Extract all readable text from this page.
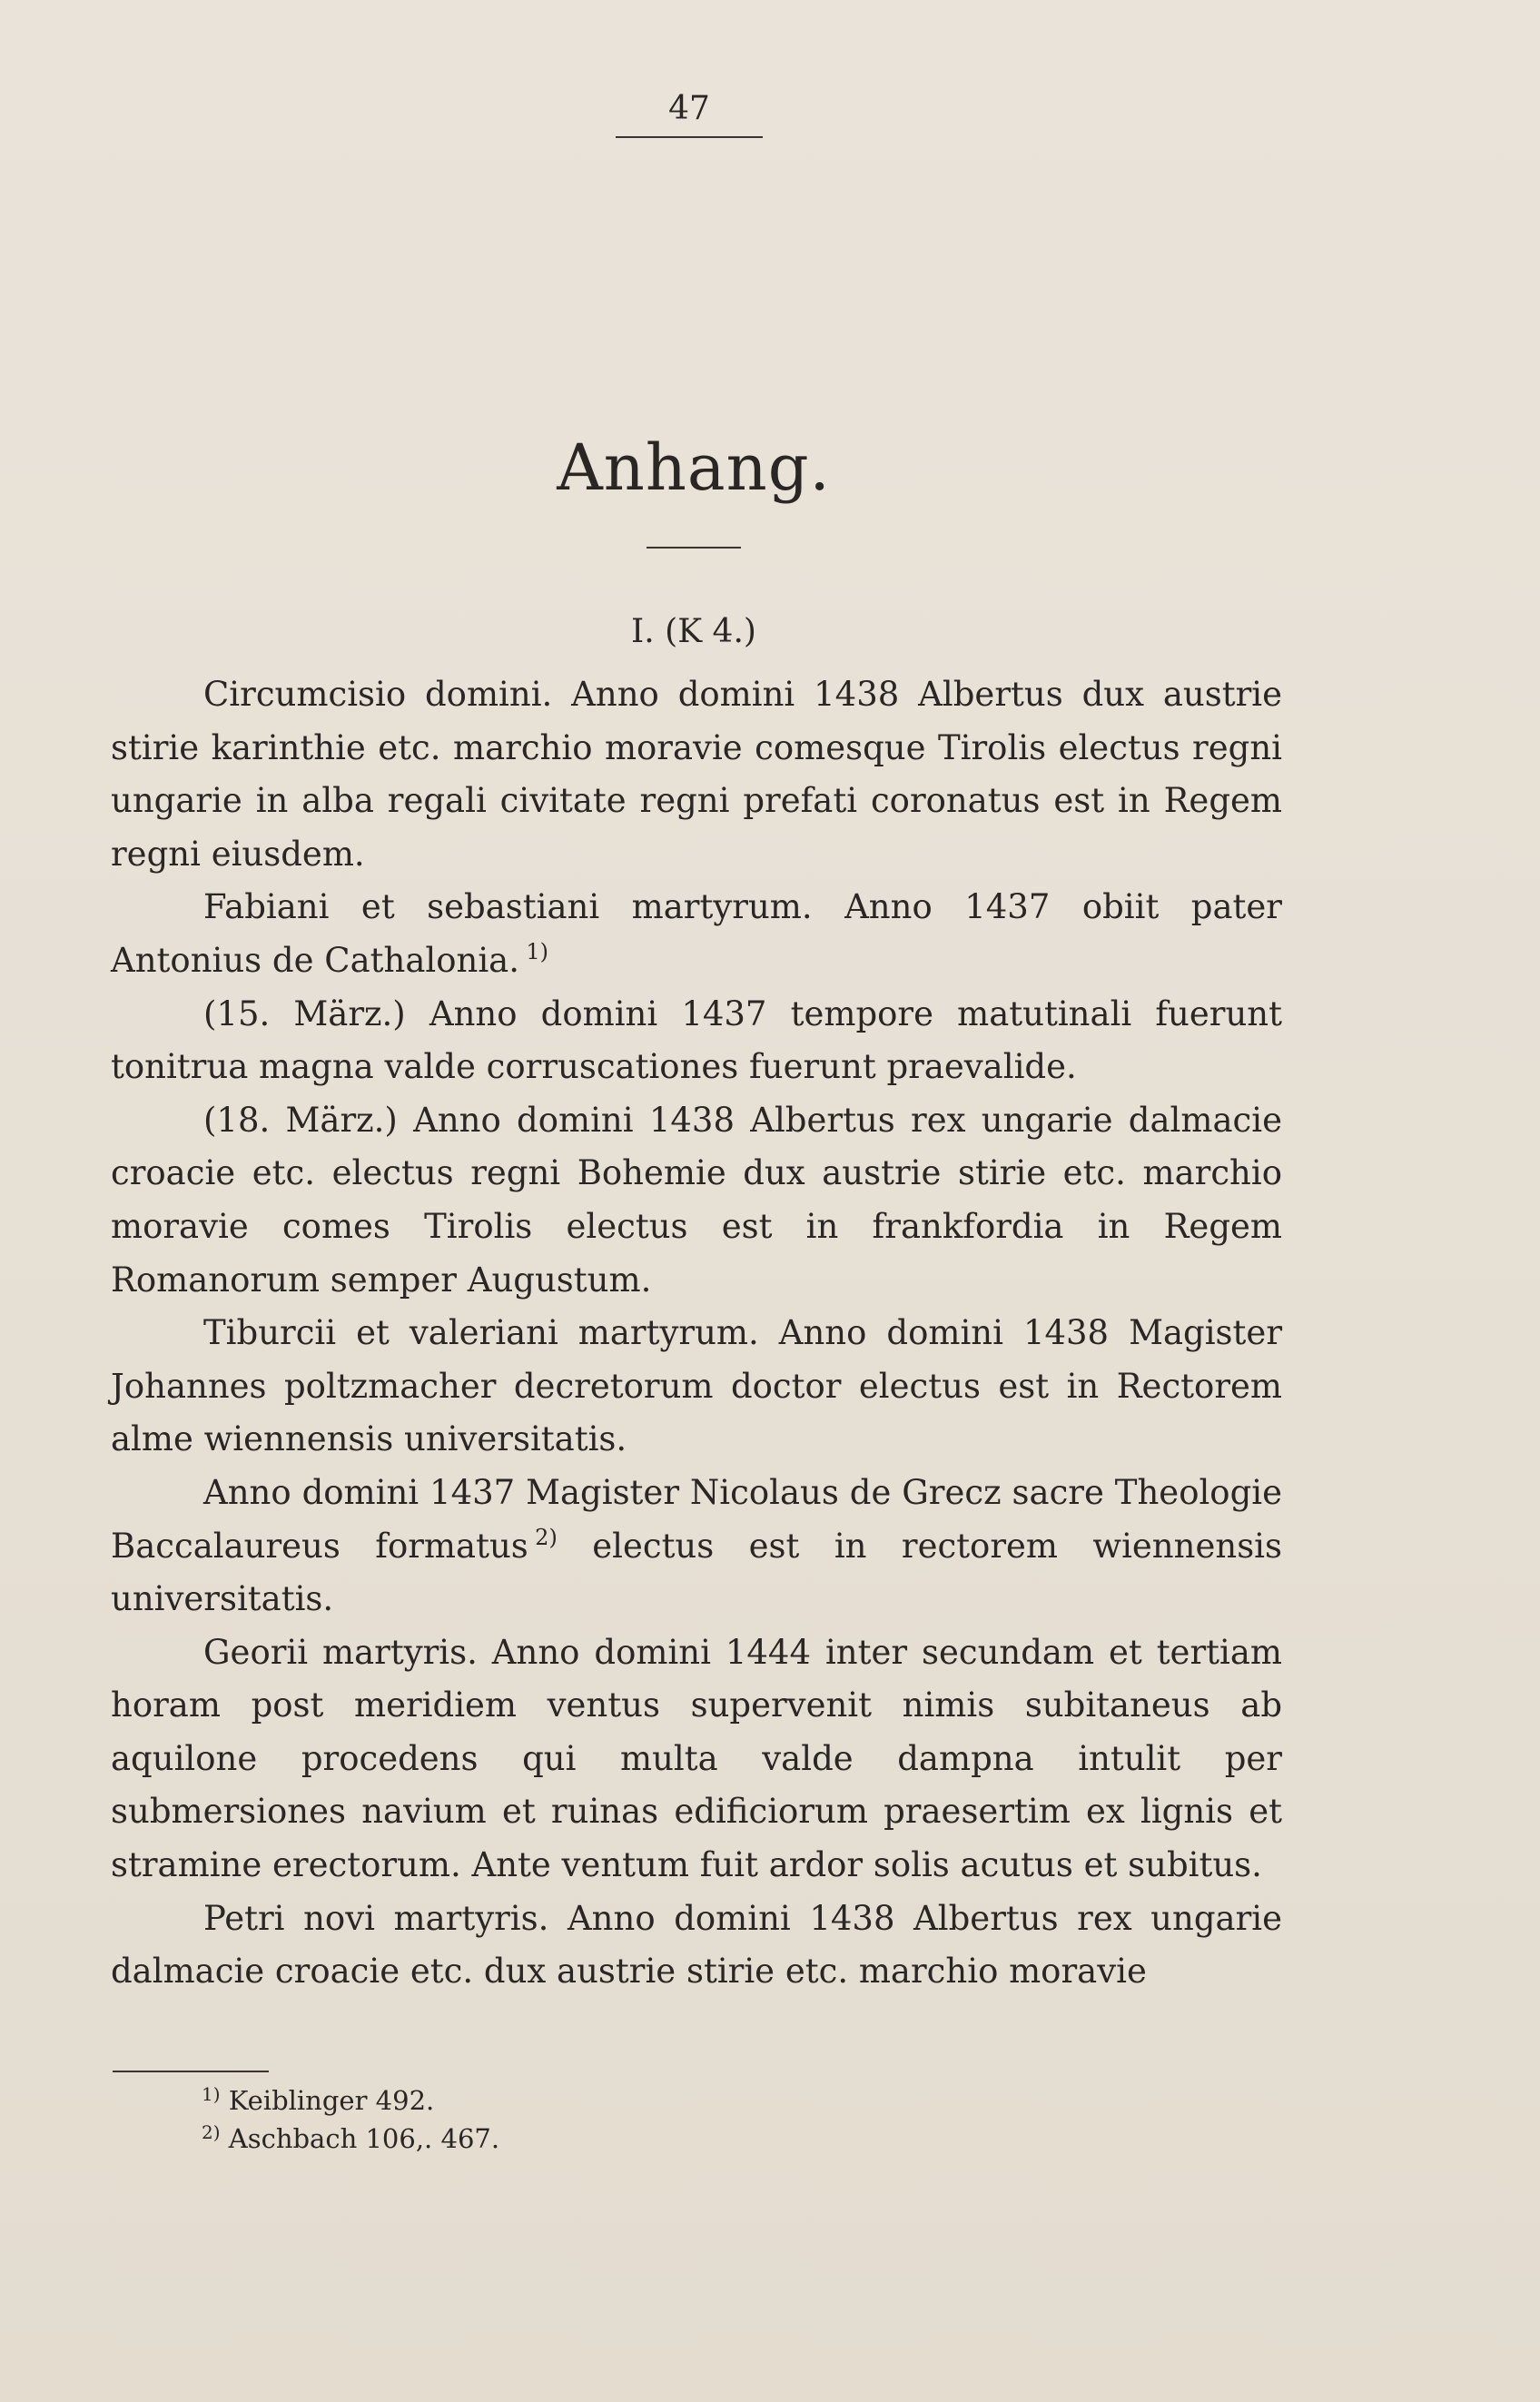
47
Anhang.
I. (K 4.)

Circumcisio domini. Anno domini 1438 Albertus dux austrie stirie karinthie etc. marchio moravie comesque Tirolis electus regni ungarie in alba regali civitate regni prefati coronatus est in Regem regni eiusdem.

Fabiani et sebastiani martyrum. Anno 1437 obiit pater Antonius de Cathalonia.  $^{1)}$

(15. März.) Anno domini 1437 tempore matutinali fuerunt tonitrua magna valde corruscationes fuerunt praevalide.

(18. März.) Anno domini 1438 Albertus rex ungarie dalmacie croacie etc. electus regni Bohemie dux austrie stirie etc. marchio moravie comes Tirolis electus est in frankfordia in Regem Romanorum semper Augustum.

Tiburcii et valeriani martyrum. Anno domini 1438 Magister Johannes poltzmacher decretorum doctor electus est in Rectorem alme wiennensis universitatis.

Anno domini 1437 Magister Nicolaus de Grecz sacre Theologie Baccalaureus formatus  $^{2)}$ electus est in rectorem wiennensis universitatis.

Georii martyris. Anno domini 1444 inter secundam et tertiam horam post meridiem ventus supervenit nimis subitaneus ab aquilone procedens qui multa valde dampna intulit per submersiones navium et ruinas edificiorum praesertim ex lignis et stramine erectorum. Ante ventum fuit ardor solis acutus et subitus.

Petri novi martyris. Anno domini 1438 Albertus rex ungarie dalmacie croacie etc. dux austrie stirie etc. marchio moravie

$^{1)}$ Keiblinger 492.

$^{2)}$ Aschbach 106,. 467.
